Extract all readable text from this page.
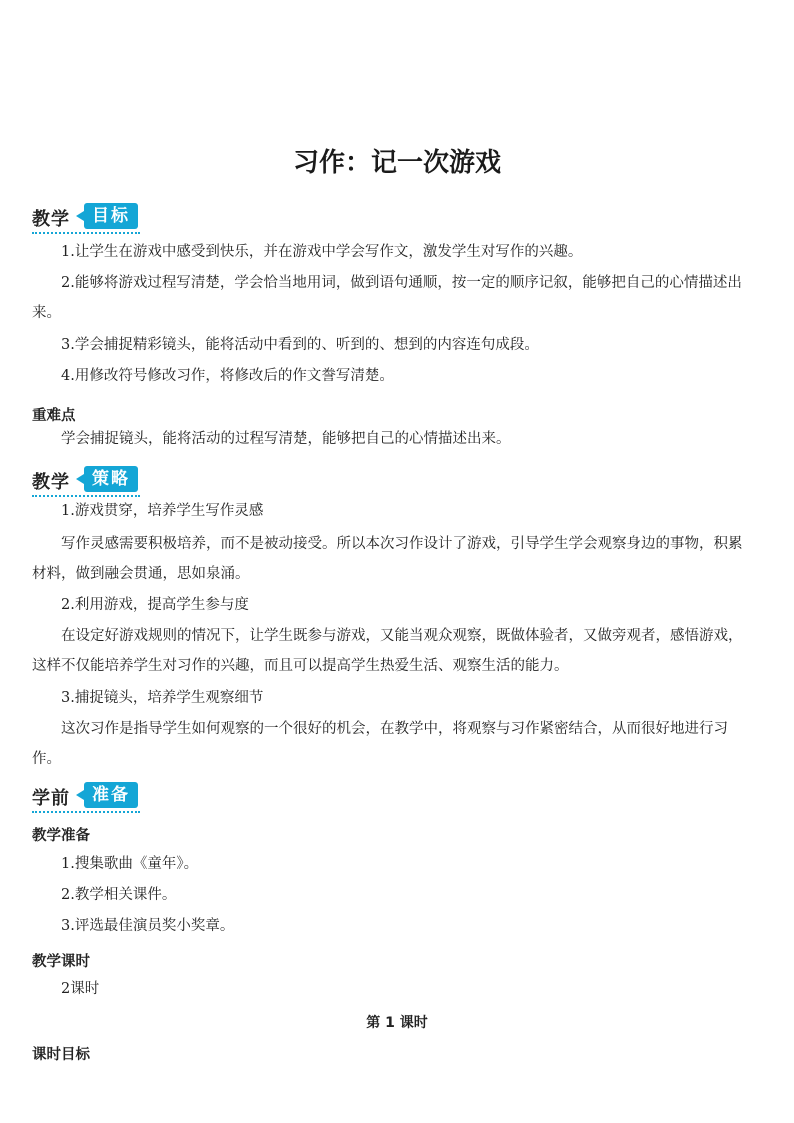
习作：记一次游戏
教学	目标
1.让学生在游戏中感受到快乐，并在游戏中学会写作文，激发学生对写作的兴趣。
2.能够将游戏过程写清楚，学会恰当地用词，做到语句通顺，按一定的顺序记叙，能够把自己的心情描述出来。
3.学会捕捉精彩镜头，能将活动中看到的、听到的、想到的内容连句成段。
4.用修改符号修改习作，将修改后的作文誊写清楚。
重难点
学会捕捉镜头，能将活动的过程写清楚，能够把自己的心情描述出来。
教学	策略
1.游戏贯穿，培养学生写作灵感
写作灵感需要积极培养，而不是被动接受。所以本次习作设计了游戏，引导学生学会观察身边的事物，积累材料，做到融会贯通，思如泉涌。
2.利用游戏，提高学生参与度
在设定好游戏规则的情况下，让学生既参与游戏，又能当观众观察，既做体验者，又做旁观者，感悟游戏，这样不仅能培养学生对习作的兴趣，而且可以提高学生热爱生活、观察生活的能力。
3.捕捉镜头，培养学生观察细节
这次习作是指导学生如何观察的一个很好的机会，在教学中，将观察与习作紧密结合，从而很好地进行习作。
学前	准备
教学准备
1.搜集歌曲《童年》。
2.教学相关课件。
3.评选最佳演员奖小奖章。
教学课时
2课时
第 1 课时
课时目标
